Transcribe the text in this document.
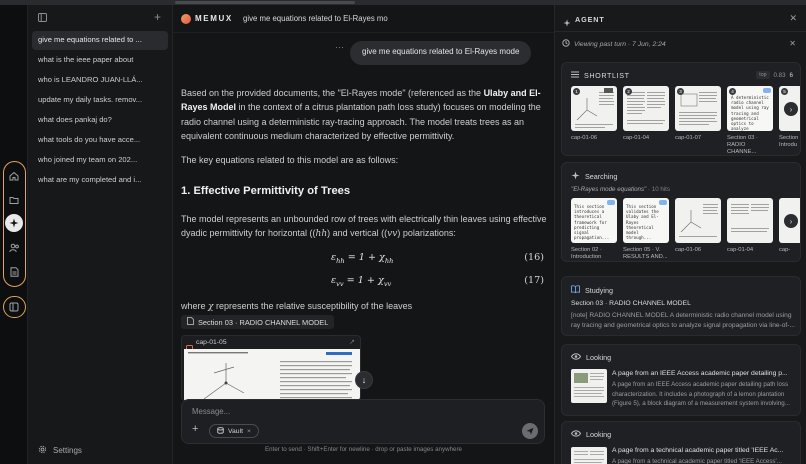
+
give me equations related to ...
what is the ieee paper about
who is LEANDRO JUAN-LLÁ...
update my daily tasks. remov...
what does pankaj do?
what tools do you have acce...
who joined my team on 202...
what are my completed and i...
Settings
MEMUX give me equations related to El-Rayes mo
···	give me equations related to El-Rayes mode
Based on the provided documents, the "El-Rayes mode" (referenced as the Ulaby and El-Rayes Model in the context of a citrus plantation path loss study) focuses on modeling the radio channel using a deterministic ray-tracing approach. The model treats trees as an equivalent continuous medium characterized by effective permittivity.
The key equations related to this model are as follows:
1. Effective Permittivity of Trees
The model represents an unbounded row of trees with electrically thin leaves using effective dyadic permittivity for horizontal ((hh) and vertical ((vv) polarizations:
$\varepsilon_{hh} = 1 + \chi_{hh}$	(16)
$\varepsilon_{vv} = 1 + \chi_{vv}$	(17)
where χ represents the relative susceptibility of the leaves
Section 03 · RADIO CHANNEL MODEL
cap-01-05	↗
↓
Message...
+	Vault ×
Enter to send · Shift+Enter for newline · drop or paste images anywhere
AGENT	✕
Viewing past turn · 7 Jun, 2:24	✕
SHORTLIST	top	0.83 6
1
cap-01-06
2
cap-01-04
3
cap-01-07
4
A deterministic radio channel model using ray tracing and geometrical optics to analyze
Section 03 · RADIO CHANNE...
5
Section Introdu
›
Searching
"El-Rayes mode equations" · 10 hits
This section introduces a theoretical framework for predicting signal propagation...
Section 02 · Introduction
This section validates the Ulaby and El-Rayes theoretical model through...
Section 05 · V. RESULTS AND...
cap-01-06	cap-01-04	cap-
›
Studying
Section 03 · RADIO CHANNEL MODEL
[note] RADIO CHANNEL MODEL A deterministic radio channel model using ray tracing and geometrical optics to analyze signal propagation via line-of-...
Looking
A page from an IEEE Access academic paper detailing p...
A page from an IEEE Access academic paper detailing path loss characterization. It includes a photograph of a lemon plantation (Figure 5), a block diagram of a measurement system involving...
Looking
A page from a technical academic paper titled 'IEEE Ac...
A page from a technical academic paper titled 'IEEE Access'...
